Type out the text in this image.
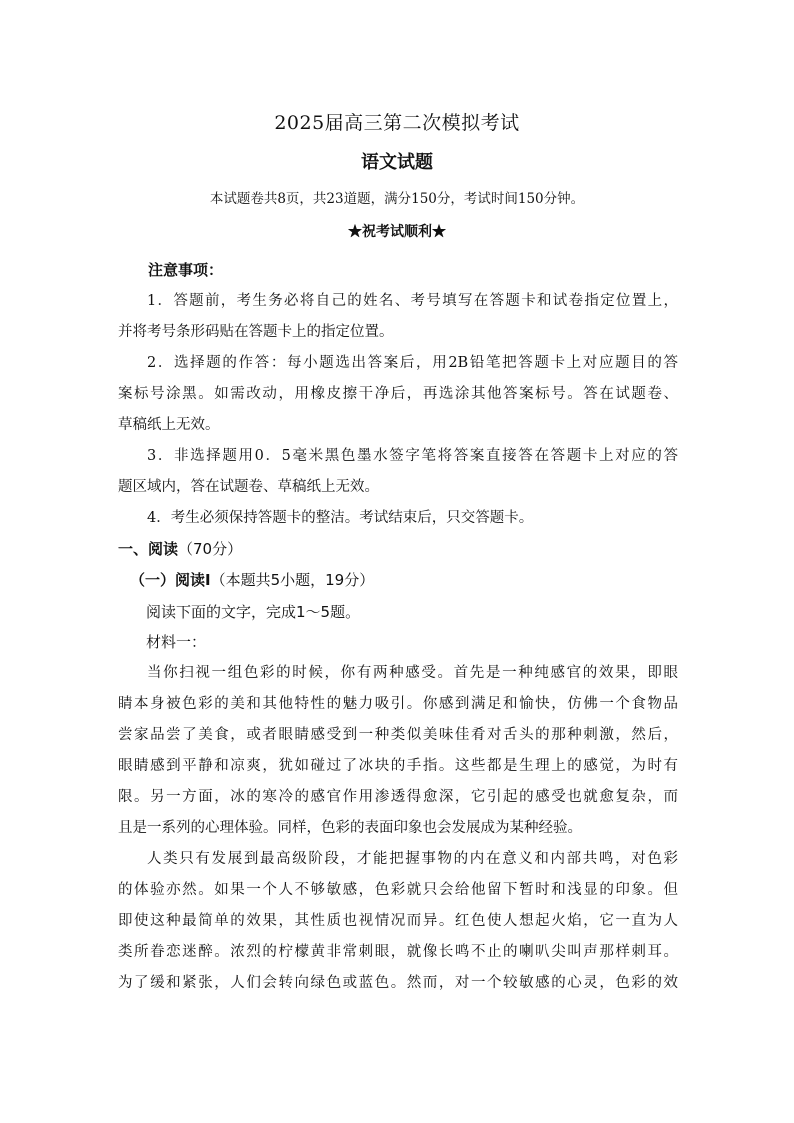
2025届高三第二次模拟考试
语文试题
本试题卷共8页，共23道题，满分150分，考试时间150分钟。
★祝考试顺利★
注意事项：
1．答题前，考生务必将自己的姓名、考号填写在答题卡和试卷指定位置上，
并将考号条形码贴在答题卡上的指定位置。
2．选择题的作答：每小题选出答案后，用2B铅笔把答题卡上对应题目的答
案标号涂黑。如需改动，用橡皮擦干净后，再选涂其他答案标号。答在试题卷、
草稿纸上无效。
3．非选择题用0．5毫米黑色墨水签字笔将答案直接答在答题卡上对应的答
题区域内，答在试题卷、草稿纸上无效。
4．考生必须保持答题卡的整洁。考试结束后，只交答题卡。
一、阅读（70分）
（一）阅读Ⅰ（本题共5小题，19分）
阅读下面的文字，完成1～5题。
材料一：
当你扫视一组色彩的时候，你有两种感受。首先是一种纯感官的效果，即眼
睛本身被色彩的美和其他特性的魅力吸引。你感到满足和愉快，仿佛一个食物品
尝家品尝了美食，或者眼睛感受到一种类似美味佳肴对舌头的那种刺激，然后，
眼睛感到平静和凉爽，犹如碰过了冰块的手指。这些都是生理上的感觉，为时有
限。另一方面，冰的寒冷的感官作用渗透得愈深，它引起的感受也就愈复杂，而
且是一系列的心理体验。同样，色彩的表面印象也会发展成为某种经验。
人类只有发展到最高级阶段，才能把握事物的内在意义和内部共鸣，对色彩
的体验亦然。如果一个人不够敏感，色彩就只会给他留下暂时和浅显的印象。但
即使这种最简单的效果，其性质也视情况而异。红色使人想起火焰，它一直为人
类所眷恋迷醉。浓烈的柠檬黄非常刺眼，就像长鸣不止的喇叭尖叫声那样刺耳。
为了缓和紧张，人们会转向绿色或蓝色。然而，对一个较敏感的心灵，色彩的效
